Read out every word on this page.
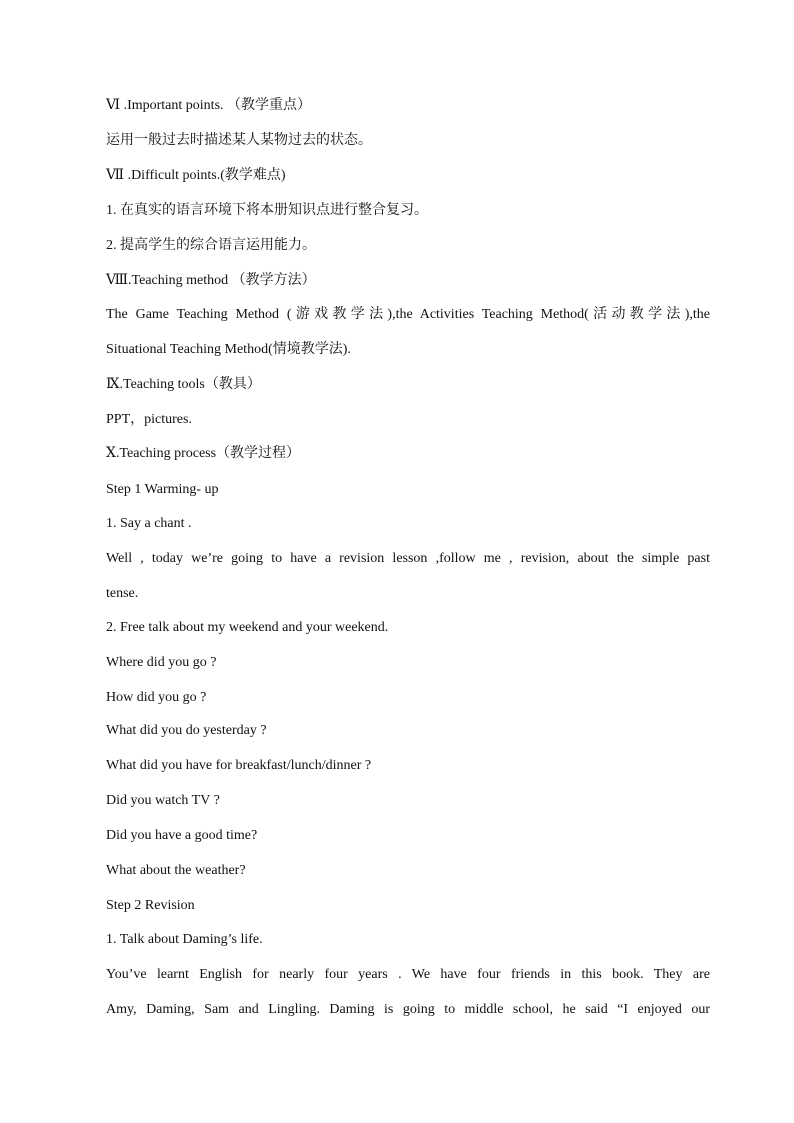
Ⅵ .Important points. （教学重点）
运用一般过去时描述某人某物过去的状态。
Ⅶ .Difficult points.(教学难点)
1. 在真实的语言环境下将本册知识点进行整合复习。
2. 提高学生的综合语言运用能力。
Ⅷ.Teaching method （教学方法）
The Game Teaching Method (游戏教学法),the Activities Teaching Method(活动教学法),the
Situational Teaching Method(情境教学法).
Ⅸ.Teaching tools（教具）
PPT，pictures.
Ⅹ.Teaching process（教学过程）
Step 1 Warming- up
1. Say a chant .
Well , today we’re going to have a revision lesson ,follow me , revision, about the simple past
tense.
2. Free talk about my weekend and your weekend.
Where did you go ?
How did you go ?
What did you do yesterday ?
What did you have for breakfast/lunch/dinner ?
Did you watch TV ?
Did you have a good time?
What about the weather?
Step 2 Revision
1. Talk about Daming’s life.
You’ve learnt English for nearly four years . We have four friends in this book. They are
Amy, Daming, Sam and Lingling. Daming is going to middle school, he said “I enjoyed our
